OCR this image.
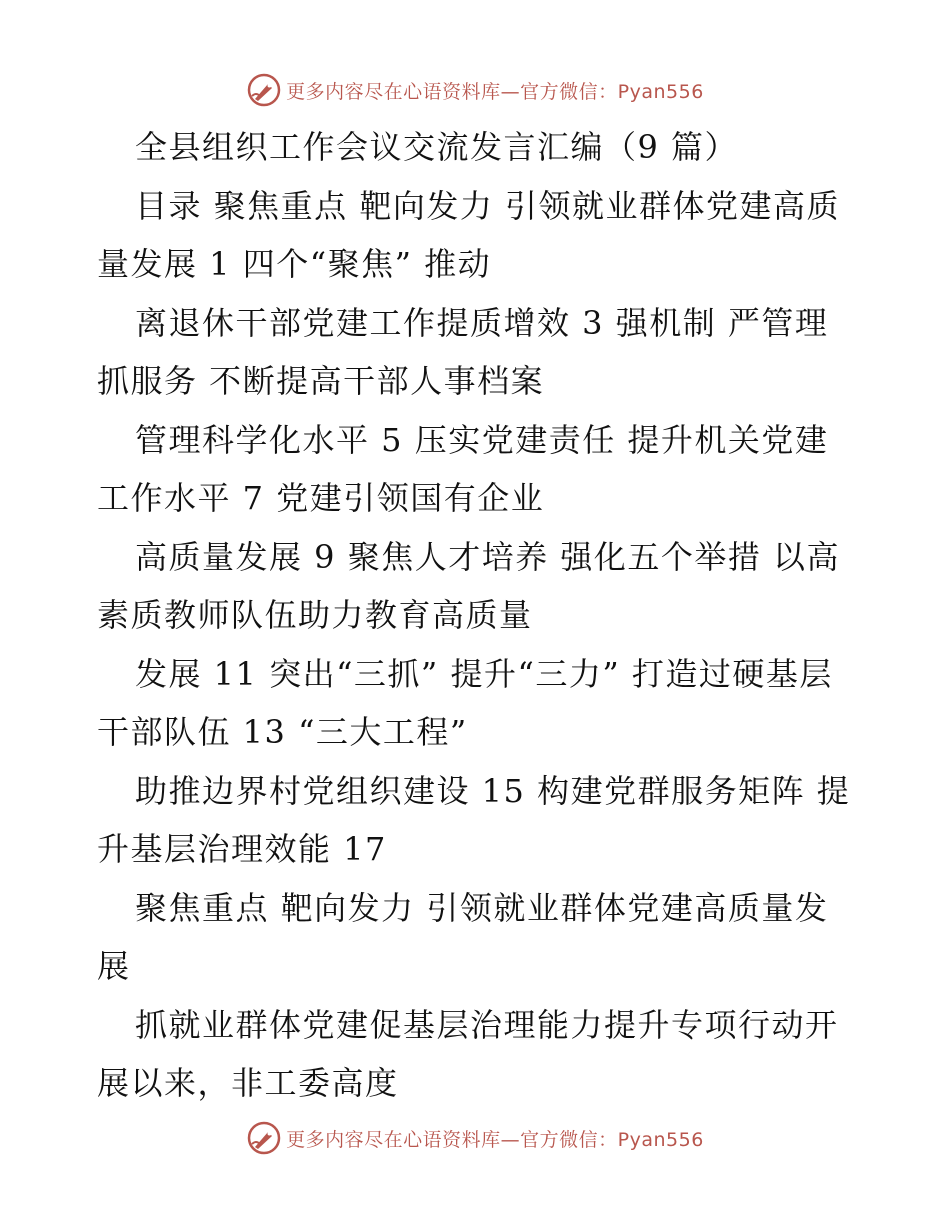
更多内容尽在心语资料库—官方微信：Pyan556

全县组织工作会议交流发言汇编（9 篇）

目录 聚焦重点 靶向发力 引领就业群体党建高质量发展 1 四个“聚焦” 推动

离退休干部党建工作提质增效 3 强机制 严管理 抓服务 不断提高干部人事档案

管理科学化水平 5 压实党建责任 提升机关党建工作水平 7 党建引领国有企业

高质量发展 9 聚焦人才培养 强化五个举措 以高素质教师队伍助力教育高质量

发展 11 突出“三抓” 提升“三力” 打造过硬基层干部队伍 13 “三大工程”

助推边界村党组织建设 15 构建党群服务矩阵 提升基层治理效能 17

聚焦重点 靶向发力 引领就业群体党建高质量发展

抓就业群体党建促基层治理能力提升专项行动开展以来，非工委高度

更多内容尽在心语资料库—官方微信：Pyan556
